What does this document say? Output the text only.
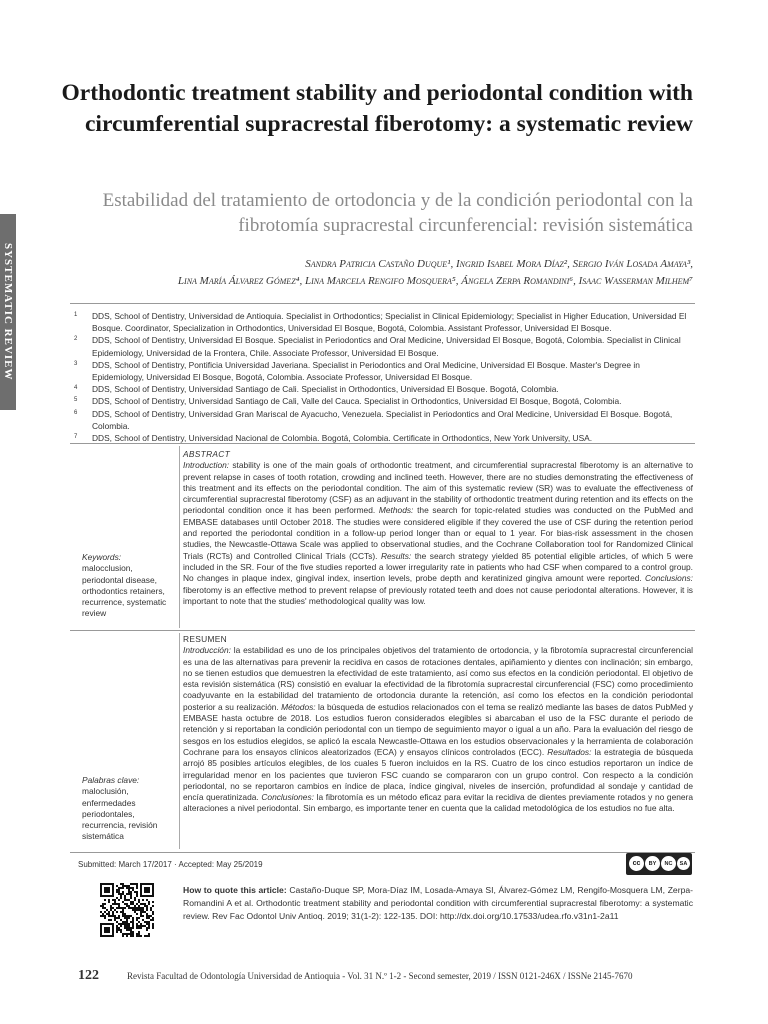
SYSTEMATIC REVIEW
Orthodontic treatment stability and periodontal condition with circumferential supracrestal fiberotomy: a systematic review
Estabilidad del tratamiento de ortodoncia y de la condición periodontal con la fibrotomía supracrestal circunferencial: revisión sistemática
Sandra Patricia Castaño Duque¹, Ingrid Isabel Mora Díaz², Sergio Iván Losada Amaya³,
Lina María Álvarez Gómez⁴, Lina Marcela Rengifo Mosquera⁵, Ángela Zerpa Romandini⁶, Isaac Wasserman Milhem⁷
1	DDS, School of Dentistry, Universidad de Antioquia. Specialist in Orthodontics; Specialist in Clinical Epidemiology; Specialist in Higher Education, Universidad El Bosque. Coordinator, Specialization in Orthodontics, Universidad El Bosque, Bogotá, Colombia. Assistant Professor, Universidad El Bosque.
2	DDS, School of Dentistry, Universidad El Bosque. Specialist in Periodontics and Oral Medicine, Universidad El Bosque, Bogotá, Colombia. Specialist in Clinical Epidemiology, Universidad de la Frontera, Chile. Associate Professor, Universidad El Bosque.
3	DDS, School of Dentistry, Pontificia Universidad Javeriana. Specialist in Periodontics and Oral Medicine, Universidad El Bosque. Master's Degree in Epidemiology, Universidad El Bosque, Bogotá, Colombia. Associate Professor, Universidad El Bosque.
4	DDS, School of Dentistry, Universidad Santiago de Cali. Specialist in Orthodontics, Universidad El Bosque. Bogotá, Colombia.
5	DDS, School of Dentistry, Universidad Santiago de Cali, Valle del Cauca. Specialist in Orthodontics, Universidad El Bosque, Bogotá, Colombia.
6	DDS, School of Dentistry, Universidad Gran Mariscal de Ayacucho, Venezuela. Specialist in Periodontics and Oral Medicine, Universidad El Bosque. Bogotá, Colombia.
7	DDS, School of Dentistry, Universidad Nacional de Colombia. Bogotá, Colombia. Certificate in Orthodontics, New York University, USA.
Keywords:
malocclusion, periodontal disease, orthodontics retainers, recurrence, systematic review
ABSTRACT
Introduction: stability is one of the main goals of orthodontic treatment, and circumferential supracrestal fiberotomy is an alternative to prevent relapse in cases of tooth rotation, crowding and inclined teeth. However, there are no studies demonstrating the effectiveness of this treatment and its effects on the periodontal condition. The aim of this systematic review (SR) was to evaluate the effectiveness of circumferential supracrestal fiberotomy (CSF) as an adjuvant in the stability of orthodontic treatment during retention and its effects on the periodontal condition once it has been performed. Methods: the search for topic-related studies was conducted on the PubMed and EMBASE databases until October 2018. The studies were considered eligible if they covered the use of CSF during the retention period and reported the periodontal condition in a follow-up period longer than or equal to 1 year. For bias-risk assessment in the chosen studies, the Newcastle-Ottawa Scale was applied to observational studies, and the Cochrane Collaboration tool for Randomized Clinical Trials (RCTs) and Controlled Clinical Trials (CCTs). Results: the search strategy yielded 85 potential eligible articles, of which 5 were included in the SR. Four of the five studies reported a lower irregularity rate in patients who had CSF when compared to a control group. No changes in plaque index, gingival index, insertion levels, probe depth and keratinized gingiva amount were reported. Conclusions: fiberotomy is an effective method to prevent relapse of previously rotated teeth and does not cause periodontal alterations. However, it is important to note that the studies' methodological quality was low.
Palabras clave:
maloclusión, enfermedades periodontales, recurrencia, revisión sistemática
RESUMEN
Introducción: la estabilidad es uno de los principales objetivos del tratamiento de ortodoncia, y la fibrotomía supracrestal circunferencial es una de las alternativas para prevenir la recidiva en casos de rotaciones dentales, apiñamiento y dientes con inclinación; sin embargo, no se tienen estudios que demuestren la efectividad de este tratamiento, así como sus efectos en la condición periodontal. El objetivo de esta revisión sistemática (RS) consistió en evaluar la efectividad de la fibrotomía supracrestal circunferencial (FSC) como procedimiento coadyuvante en la estabilidad del tratamiento de ortodoncia durante la retención, así como los efectos en la condición periodontal posterior a su realización. Métodos: la búsqueda de estudios relacionados con el tema se realizó mediante las bases de datos PubMed y EMBASE hasta octubre de 2018. Los estudios fueron considerados elegibles si abarcaban el uso de la FSC durante el periodo de retención y si reportaban la condición periodontal con un tiempo de seguimiento mayor o igual a un año. Para la evaluación del riesgo de sesgos en los estudios elegidos, se aplicó la escala Newcastle-Ottawa en los estudios observacionales y la herramienta de colaboración Cochrane para los ensayos clínicos aleatorizados (ECA) y ensayos clínicos controlados (ECC). Resultados: la estrategia de búsqueda arrojó 85 posibles artículos elegibles, de los cuales 5 fueron incluidos en la RS. Cuatro de los cinco estudios reportaron un índice de irregularidad menor en los pacientes que tuvieron FSC cuando se compararon con un grupo control. Con respecto a la condición periodontal, no se reportaron cambios en índice de placa, índice gingival, niveles de inserción, profundidad al sondaje y cantidad de encía queratinizada. Conclusiones: la fibrotomía es un método eficaz para evitar la recidiva de dientes previamente rotados y no genera alteraciones a nivel periodontal. Sin embargo, es importante tener en cuenta que la calidad metodológica de los estudios no fue alta.
Submitted: March 17/2017 · Accepted: May 25/2019	cc	BY	NC	SA
How to quote this article: Castaño-Duque SP, Mora-Díaz IM, Losada-Amaya SI, Álvarez-Gómez LM, Rengifo-Mosquera LM, Zerpa-Romandini A et al. Orthodontic treatment stability and periodontal condition with circumferential supracrestal fiberotomy: a systematic review. Rev Fac Odontol Univ Antioq. 2019; 31(1-2): 122-135. DOI: http://dx.doi.org/10.17533/udea.rfo.v31n1-2a11
122	Revista Facultad de Odontología Universidad de Antioquia - Vol. 31 N.º 1-2 - Second semester, 2019 / ISSN 0121-246X / ISSNe 2145-7670
